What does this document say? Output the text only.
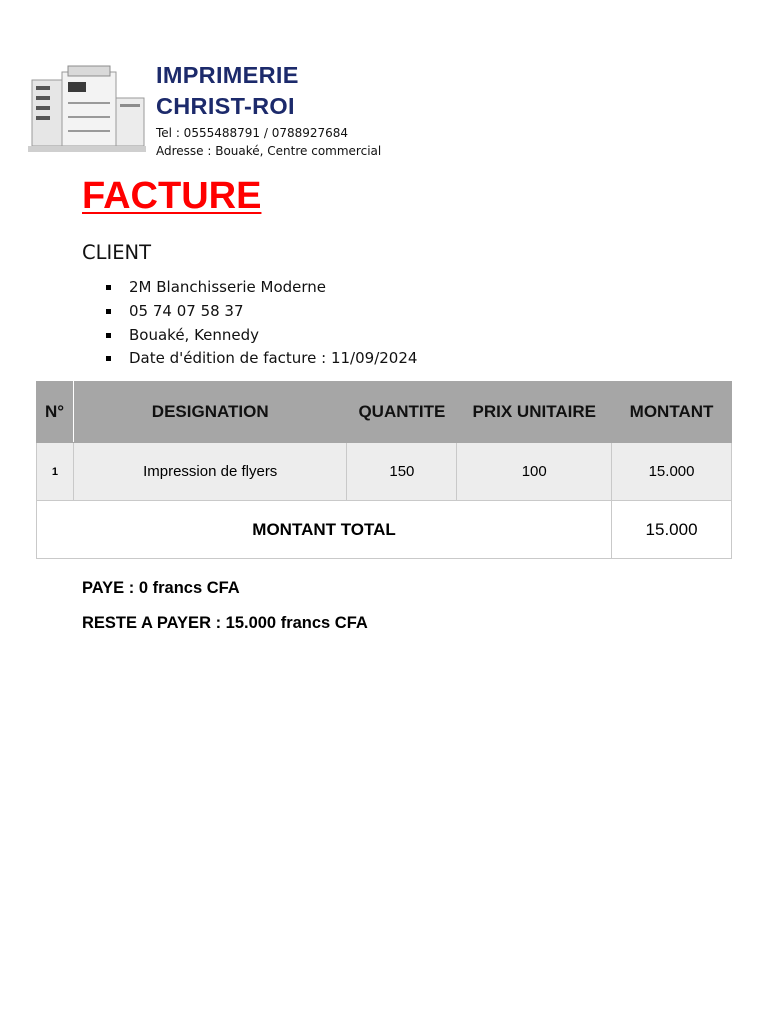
IMPRIMERIE
CHRIST-ROI
Tel : 0555488791 / 0788927684
Adresse : Bouaké, Centre commercial
FACTURE
CLIENT
2M Blanchisserie Moderne
05 74 07 58 37
Bouaké, Kennedy
Date d'édition de facture : 11/09/2024
N°	DESIGNATION	QUANTITE	PRIX UNITAIRE	MONTANT
1	Impression de flyers	150	100	15.000
MONTANT TOTAL				15.000

PAYE : 0 francs CFA

RESTE A PAYER : 15.000 francs CFA
